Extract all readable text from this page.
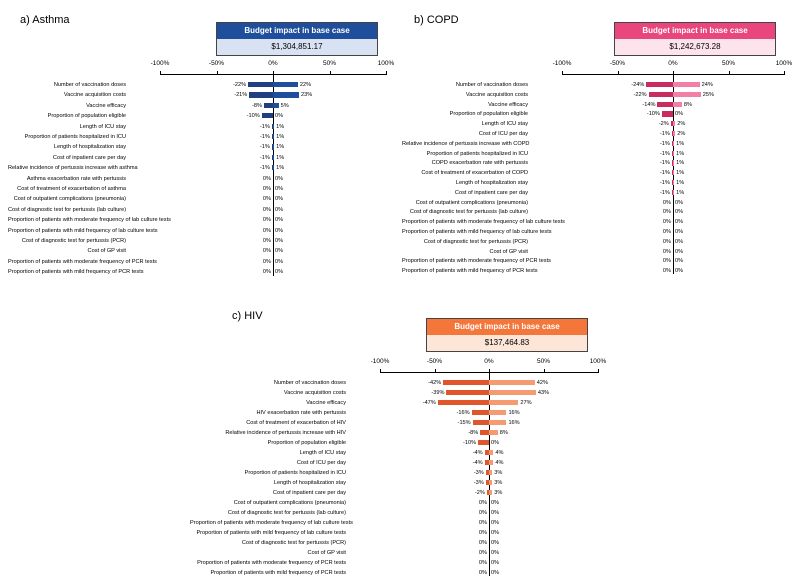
a) Asthma
Budget impact in base case
$1,304,851.17
-100%	-50%	0%	50%	100%
Number of vaccination doses	-22%	22%
Vaccine acquisition costs	-21%	23%
Vaccine efficacy	-8%	5%
Proportion of population eligible	-10%	0%
Length of ICU stay	-1% 1%
Proportion of patients hospitalized in ICU	-1% 1%
Length of hospitalization stay	-1% 1%
Cost of inpatient care per day	-1% 1%
Relative incidence of pertussis increase with asthma	-1% 1%
Asthma exacerbation rate with pertussis	0% 0%
Cost of treatment of exacerbation of asthma	0% 0%
Cost of outpatient complications (pneumonia)	0% 0%
Cost of diagnostic test for pertussis (lab culture)	0% 0%
Proportion of patients with moderate frequency of lab culture tests	0% 0%
Proportion of patients with mild frequency of lab culture tests	0% 0%
Cost of diagnostic test for pertussis (PCR)	0% 0%
Cost of GP visit	0% 0%
Proportion of patients with moderate frequency of PCR tests	0% 0%
Proportion of patients with mild frequency of PCR tests	0% 0%
b) COPD
Budget impact in base case
$1,242,673.28
-100%	-50%	0%	50%	100%
Number of vaccination doses	-24%	24%
Vaccine acquisition costs	-22%	25%
Vaccine efficacy	-14%	8%
Proportion of population eligible	-10%	0%
Length of ICU stay	-2% 2%
Cost of ICU per day	-1% 2%
Relative incidence of pertussis increase with COPD	-1% 1%
Proportion of patients hospitalized in ICU	-1% 1%
COPD exacerbation rate with pertussis	-1% 1%
Cost of treatment of exacerbation of COPD	-1% 1%
Length of hospitalization stay	-1% 1%
Cost of inpatient care per day	-1% 1%
Cost of outpatient complications (pneumonia)	0% 0%
Cost of diagnostic test for pertussis (lab culture)	0% 0%
Proportion of patients with moderate frequency of lab culture tests	0% 0%
Proportion of patients with mild frequency of lab culture tests	0% 0%
Cost of diagnostic test for pertussis (PCR)	0% 0%
Cost of GP visit	0% 0%
Proportion of patients with moderate frequency of PCR tests	0% 0%
Proportion of patients with mild frequency of PCR tests	0% 0%
c) HIV
Budget impact in base case
$137,464.83
-100%	-50%	0%	50%	100%
Number of vaccination doses	-42%	42%
Vaccine acquisition costs	-39%	43%
Vaccine efficacy	-47%	27%
HIV exacerbation rate with pertussis	-16%	16%
Cost of treatment of exacerbation of HIV	-15%	16%
Relative incidence of pertussis increase with HIV	-8%	8%
Proportion of population eligible	-10%	0%
Length of ICU stay	-4% 4%
Cost of ICU per day	-4% 4%
Proportion of patients hospitalized in ICU	-3% 3%
Length of hospitalization stay	-3% 3%
Cost of inpatient care per day	-2% 3%
Cost of outpatient complications (pneumonia)	0% 0%
Cost of diagnostic test for pertussis (lab culture)	0% 0%
Proportion of patients with moderate frequency of lab culture tests	0% 0%
Proportion of patients with mild frequency of lab culture tests	0% 0%
Cost of diagnostic test for pertussis (PCR)	0% 0%
Cost of GP visit	0% 0%
Proportion of patients with moderate frequency of PCR tests	0% 0%
Proportion of patients with mild frequency of PCR tests	0% 0%
